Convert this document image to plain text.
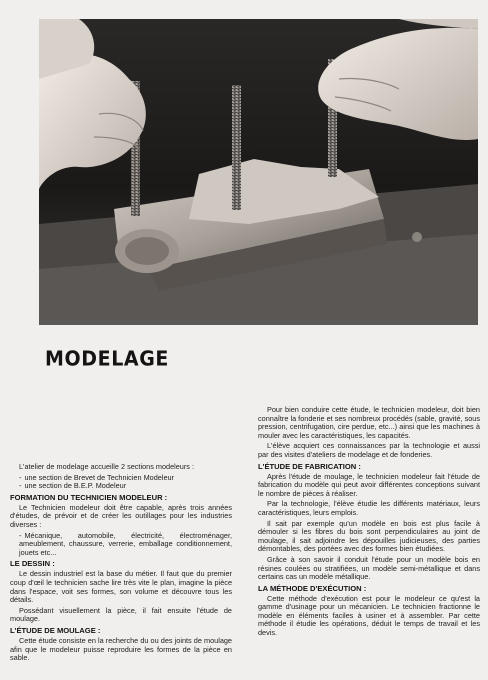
MODELAGE

L'atelier de modelage accueille 2 sections modeleurs :

- une section de Brevet de Technicien Modeleur
- une section de B.E.P. Modeleur
FORMATION DU TECHNICIEN MODELEUR :

Le Technicien modeleur doit être capable, après trois années d'études, de prévoir et de créer les outillages pour les industries diverses :

- Mécanique, automobile, électricité, électroménager, ameublement, chaussure, verrerie, emballage conditionnement, jouets etc...
LE DESSIN :

Le dessin industriel est la base du métier. Il faut que du premier coup d'œil le technicien sache lire très vite le plan, imagine la pièce dans l'espace, voit ses formes, son volume et découvre tous les détails.

Possédant visuellement la pièce, il fait ensuite l'étude de moulage.

L'ÉTUDE DE MOULAGE :

Cette étude consiste en la recherche du ou des joints de moulage afin que le modeleur puisse reproduire les formes de la pièce en sable.

Pour bien conduire cette étude, le technicien modeleur, doit bien connaître la fonderie et ses nombreux procédés (sable, gravité, sous pression, centrifugation, cire perdue, etc...) ainsi que les machines à mouler avec les caractéristiques, les capacités.

L'élève acquiert ces connaissances par la technologie et aussi par des visites d'ateliers de modelage et de fonderies.

L'ÉTUDE DE FABRICATION :

Après l'étude de moulage, le technicien modeleur fait l'étude de fabrication du modèle qui peut avoir différentes conceptions suivant le nombre de pièces à réaliser.

Par la technologie, l'élève étudie les différents matériaux, leurs caractéristiques, leurs emplois.

Il sait par exemple qu'un modèle en bois est plus facile à démouler si les fibres du bois sont perpendiculaires au joint de moulage, il sait adjoindre les dépouilles judicieuses, des parties démontables, des portées avec des formes bien étudiées.

Grâce à son savoir il conduit l'étude pour un modèle bois en résines coulées ou stratifiées, un modèle semi-métallique et dans certains cas un modèle métallique.

LA MÉTHODE D'EXÉCUTION :

Cette méthode d'exécution est pour le modeleur ce qu'est la gamme d'usinage pour un mécanicien. Le technicien fractionne le modèle en éléments faciles à usiner et à assembler. Par cette méthode il étudie les opérations, déduit le temps de travail et les devis.
